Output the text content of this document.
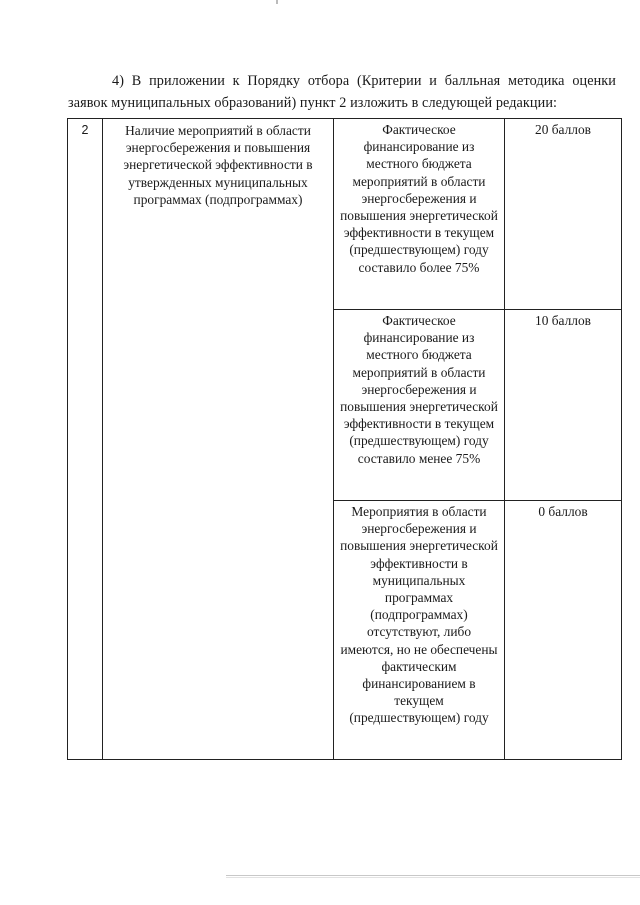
4) В приложении к Порядку отбора (Критерии и балльная методика оценки заявок муниципальных образований) пункт 2 изложить в следующей редакции:

2	Наличие мероприятий в области энергосбережения и повышения энергетической эффективности в утвержденных муниципальных программах (подпрограммах)	Фактическое финансирование из местного бюджета мероприятий в области энергосбережения и повышения энергетической эффективности в текущем (предшествующем) году составило более 75%	20 баллов

		Фактическое финансирование из местного бюджета мероприятий в области энергосбережения и повышения энергетической эффективности в текущем (предшествующем) году составило менее 75%	10 баллов

		Мероприятия в области энергосбережения и повышения энергетической эффективности в муниципальных программах (подпрограммах) отсутствуют, либо имеются, но не обеспечены фактическим финансированием в текущем (предшествующем) году	0 баллов
